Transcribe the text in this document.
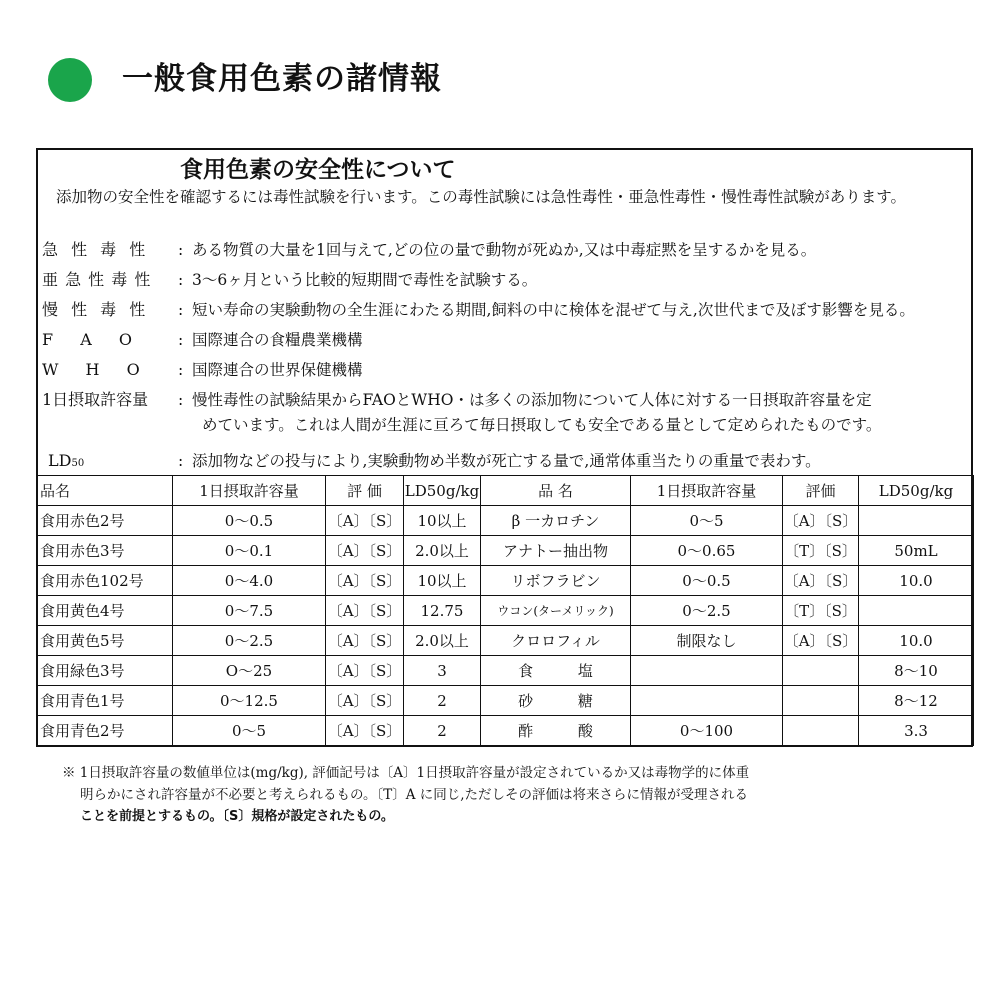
一般食用色素の諸情報
食用色素の安全性について
添加物の安全性を確認するには毒性試験を行います。この毒性試験には急性毒性・亜急性毒性・慢性毒性試験があります。
急 性 毒 性 : ある物質の大量を1回与えて,どの位の量で動物が死ぬか,又は中毒症黙を呈するかを見る。
亜 急 性 毒 性 : 3～6ヶ月という比較的短期間で毒性を試験する。
慢 性 毒 性 : 短い寿命の実験動物の全生涯にわたる期間,飼料の中に検体を混ぜて与え,次世代まで及ぼす影響を見る。
F A O	: 国際連合の食糧農業機構
W H O : 国際連合の世界保健機構
1日摂取許容量 : 慢性毒性の試験結果からFAOとWHO・は多くの添加物について人体に対する一日摂取許容量を定
めています。これは人間が生涯に亘ろて毎日摂取しても安全である量として定められたものです。
LD50	: 添加物などの投与により,実験動物め半数が死亡する量で,通常体重当たりの重量で表わす。
品名	1日摂取許容量	評 価	LD50g/kg	品 名	1日摂取許容量	評価	LD50g/kg
食用赤色2号	0～0.5	〔A〕〔S〕	10以上	β 一カロチン	0～5	〔A〕〔S〕	
食用赤色3号	0～0.1	〔A〕〔S〕	2.0以上	アナトー抽出物	0～0.65	〔T〕〔S〕	50mL
食用赤色102号	0～4.0	〔A〕〔S〕	10以上	リボフラビン	0～0.5	〔A〕〔S〕	10.0
食用黄色4号	0～7.5	〔A〕〔S〕	12.75	ウコン(ターメリック)	0～2.5	〔T〕〔S〕	
食用黄色5号	0～2.5	〔A〕〔S〕	2.0以上	クロロフィル	制限なし	〔A〕〔S〕	10.0
食用緑色3号	O～25	〔A〕〔S〕	3	食 塩			8～10
食用青色1号	0～12.5	〔A〕〔S〕	2	砂 糖			8～12
食用青色2号	0～5	〔A〕〔S〕	2	酢 酸	0～100		3.3
※ 1日摂取許容量の数値単位は(mg/kg), 評価記号は〔A〕1日摂取許容量が設定されているか又は毒物学的に体重
明らかにされ許容量が不必要と考えられるもの。〔T〕A に同じ,ただしその評価は将来さらに情報が受理される
ことを前提とするもの。〔S〕規格が設定されたもの。
